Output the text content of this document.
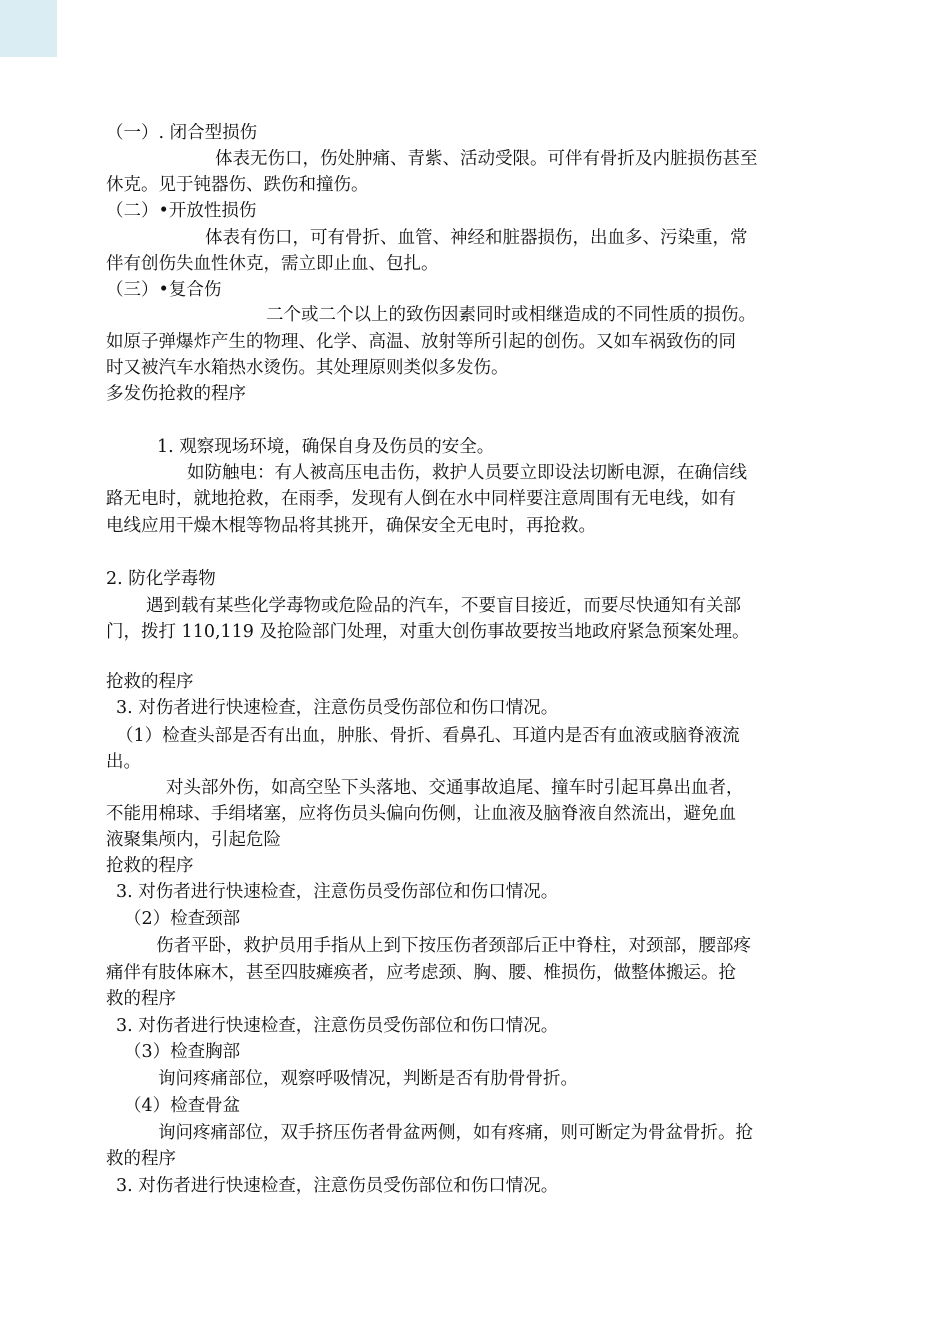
（一）. 闭合型损伤
体表无伤口，伤处肿痛、青紫、活动受限。可伴有骨折及内脏损伤甚至
休克。见于钝器伤、跌伤和撞伤。
（二）•开放性损伤
体表有伤口，可有骨折、血管、神经和脏器损伤，出血多、污染重，常
伴有创伤失血性休克，需立即止血、包扎。
（三）•复合伤
二个或二个以上的致伤因素同时或相继造成的不同性质的损伤。
如原子弹爆炸产生的物理、化学、高温、放射等所引起的创伤。又如车祸致伤的同
时又被汽车水箱热水烫伤。其处理原则类似多发伤。
多发伤抢救的程序
1. 观察现场环境，确保自身及伤员的安全。
如防触电：有人被高压电击伤，救护人员要立即设法切断电源，在确信线
路无电时，就地抢救，在雨季，发现有人倒在水中同样要注意周围有无电线，如有
电线应用干燥木棍等物品将其挑开，确保安全无电时，再抢救。
2. 防化学毒物
遇到载有某些化学毒物或危险品的汽车，不要盲目接近，而要尽快通知有关部
门，拨打 110,119 及抢险部门处理，对重大创伤事故要按当地政府紧急预案处理。
抢救的程序
3. 对伤者进行快速检查，注意伤员受伤部位和伤口情况。
（1）检查头部是否有出血，肿胀、骨折、看鼻孔、耳道内是否有血液或脑脊液流
出。
对头部外伤，如高空坠下头落地、交通事故追尾、撞车时引起耳鼻出血者，
不能用棉球、手绢堵塞，应将伤员头偏向伤侧，让血液及脑脊液自然流出，避免血
液聚集颅内，引起危险
抢救的程序
3. 对伤者进行快速检查，注意伤员受伤部位和伤口情况。
（2）检查颈部
伤者平卧，救护员用手指从上到下按压伤者颈部后正中脊柱，对颈部，腰部疼
痛伴有肢体麻木，甚至四肢瘫痪者，应考虑颈、胸、腰、椎损伤，做整体搬运。抢
救的程序
3. 对伤者进行快速检查，注意伤员受伤部位和伤口情况。
（3）检查胸部
询问疼痛部位，观察呼吸情况，判断是否有肋骨骨折。
（4）检查骨盆
询问疼痛部位，双手挤压伤者骨盆两侧，如有疼痛，则可断定为骨盆骨折。抢
救的程序
3. 对伤者进行快速检查，注意伤员受伤部位和伤口情况。
